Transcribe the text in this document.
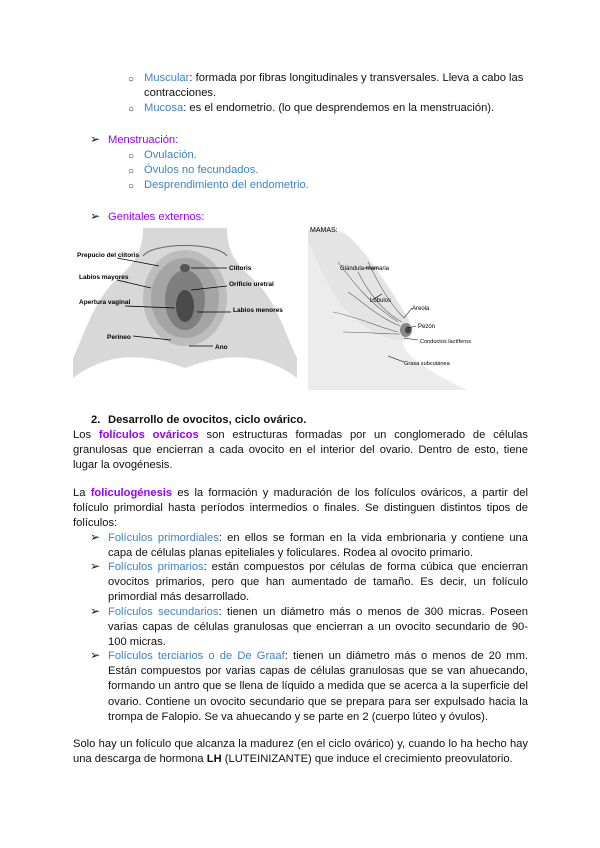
○ Muscular: formada por fibras longitudinales y transversales. Lleva a cabo las
contracciones.
○ Mucosa: es el endometrio. (lo que desprendemos en la menstruación).
➢ Menstruación:
○ Ovulación.
○ Óvulos no fecundados.
○ Desprendimiento del endometrio.
➢ Genitales externos:
Prepucio del clítoris
Labios mayores
Apertura vaginal
Perineo
Clítoris
Orificio uretral
Labios menores
Ano
MAMAS:
Glándula mamaria
Lóbulos
Areola
Pezón
Conductos lactíferos
Grasa subcutánea
2. Desarrollo de ovocitos, ciclo ovárico.
Los folículos ováricos son estructuras formadas por un conglomerado de células granulosas que encierran a cada ovocito en el interior del ovario. Dentro de esto, tiene lugar la ovogénesis.
La foliculogénesis es la formación y maduración de los folículos ováricos, a partir del folículo primordial hasta períodos intermedios o finales. Se distinguen distintos tipos de folículos:
➢ Folículos primordiales: en ellos se forman en la vida embrionaria y contiene una capa de células planas epiteliales y foliculares. Rodea al ovocito primario.
➢ Folículos primarios: están compuestos por células de forma cúbica que encierran ovocitos primarios, pero que han aumentado de tamaño. Es decir, un folículo primordial más desarrollado.
➢ Folículos secundarios: tienen un diámetro más o menos de 300 micras. Poseen varias capas de células granulosas que encierran a un ovocito secundario de 90-100 micras.
➢ Folículos terciarios o de De Graaf: tienen un diámetro más o menos de 20 mm. Están compuestos por varias capas de células granulosas que se van ahuecando, formando un antro que se llena de líquido a medida que se acerca a la superficie del ovario. Contiene un ovocito secundario que se prepara para ser expulsado hacia la trompa de Falopio. Se va ahuecando y se parte en 2 (cuerpo lúteo y óvulos).
Solo hay un folículo que alcanza la madurez (en el ciclo ovárico) y, cuando lo ha hecho hay una descarga de hormona LH (LUTEINIZANTE) que induce el crecimiento preovulatorio.
